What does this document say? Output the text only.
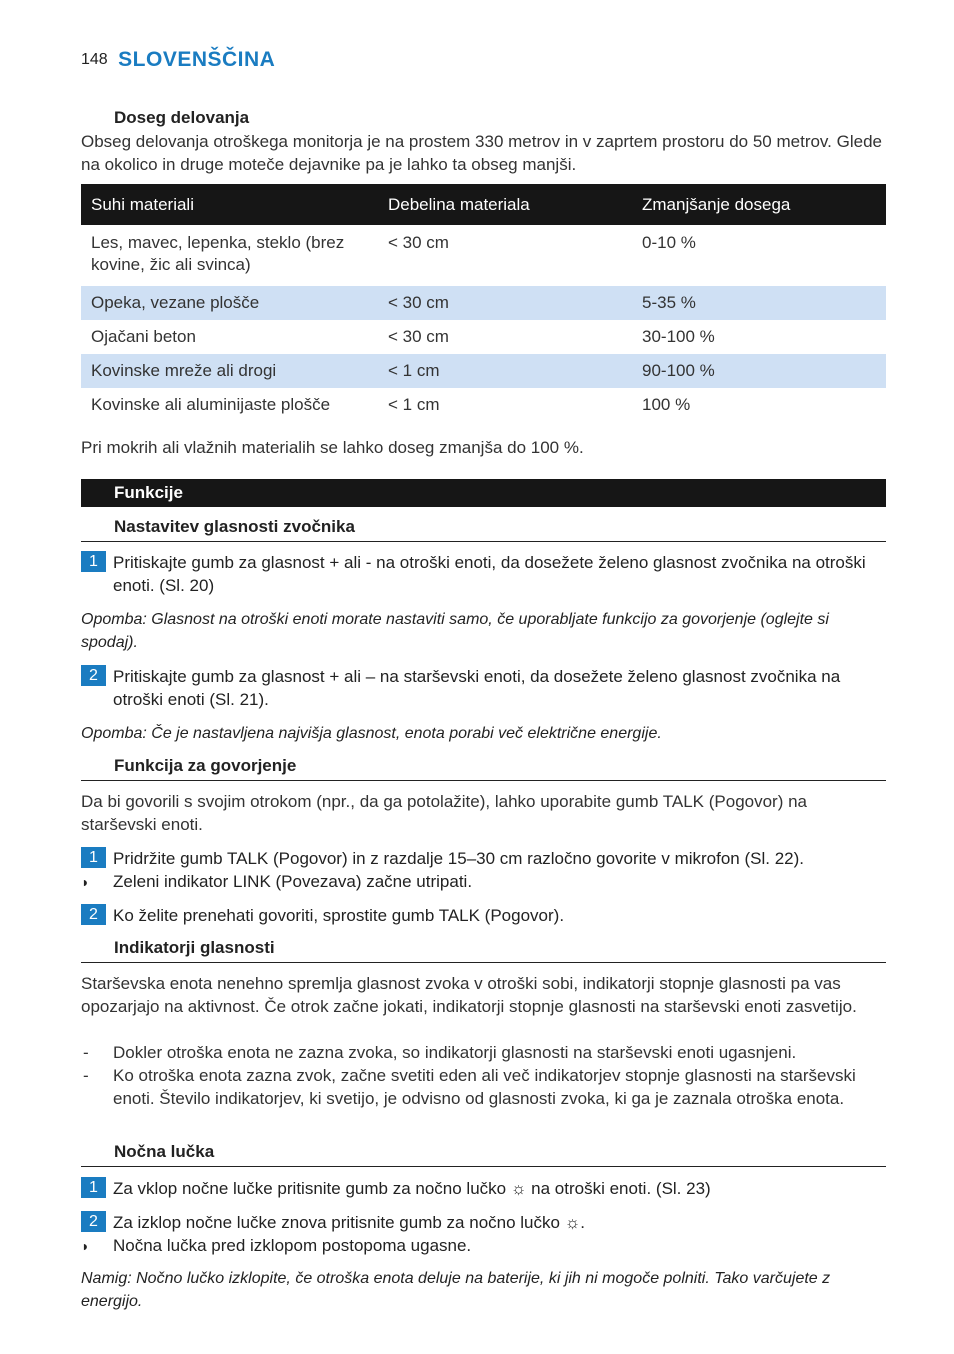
148 SLOVENŠČINA
Doseg delovanja
Obseg delovanja otroškega monitorja je na prostem 330 metrov in v zaprtem prostoru do 50 metrov. Glede na okolico in druge moteče dejavnike pa je lahko ta obseg manjši.
Suhi materiali	Debelina materiala	Zmanjšanje dosega
Les, mavec, lepenka, steklo (brez kovine, žic ali svinca)	< 30 cm	0-10 %
Opeka, vezane plošče	< 30 cm	5-35 %
Ojačani beton	< 30 cm	30-100 %
Kovinske mreže ali drogi	< 1 cm	90-100 %
Kovinske ali aluminijaste plošče	< 1 cm	100 %
Pri mokrih ali vlažnih materialih se lahko doseg zmanjša do 100 %.
Funkcije
Nastavitev glasnosti zvočnika
1 Pritiskajte gumb za glasnost + ali - na otroški enoti, da dosežete želeno glasnost zvočnika na otroški enoti. (Sl. 20)
Opomba: Glasnost na otroški enoti morate nastaviti samo, če uporabljate funkcijo za govorjenje (oglejte si spodaj).
2 Pritiskajte gumb za glasnost + ali – na starševski enoti, da dosežete želeno glasnost zvočnika na otroški enoti (Sl. 21).
Opomba: Če je nastavljena najvišja glasnost, enota porabi več električne energije.
Funkcija za govorjenje
Da bi govorili s svojim otrokom (npr., da ga potolažite), lahko uporabite gumb TALK (Pogovor) na starševski enoti.
1 Pridržite gumb TALK (Pogovor) in z razdalje 15–30 cm razločno govorite v mikrofon (Sl. 22).
◗ Zeleni indikator LINK (Povezava) začne utripati.
2 Ko želite prenehati govoriti, sprostite gumb TALK (Pogovor).
Indikatorji glasnosti
Starševska enota nenehno spremlja glasnost zvoka v otroški sobi, indikatorji stopnje glasnosti pa vas opozarjajo na aktivnost. Če otrok začne jokati, indikatorji stopnje glasnosti na starševski enoti zasvetijo.
- Dokler otroška enota ne zazna zvoka, so indikatorji glasnosti na starševski enoti ugasnjeni.
- Ko otroška enota zazna zvok, začne svetiti eden ali več indikatorjev stopnje glasnosti na starševski enoti. Število indikatorjev, ki svetijo, je odvisno od glasnosti zvoka, ki ga je zaznala otroška enota.
Nočna lučka
1 Za vklop nočne lučke pritisnite gumb za nočno lučko ☼ na otroški enoti. (Sl. 23)
2 Za izklop nočne lučke znova pritisnite gumb za nočno lučko ☼.
◗ Nočna lučka pred izklopom postopoma ugasne.
Namig: Nočno lučko izklopite, če otroška enota deluje na baterije, ki jih ni mogoče polniti. Tako varčujete z energijo.
